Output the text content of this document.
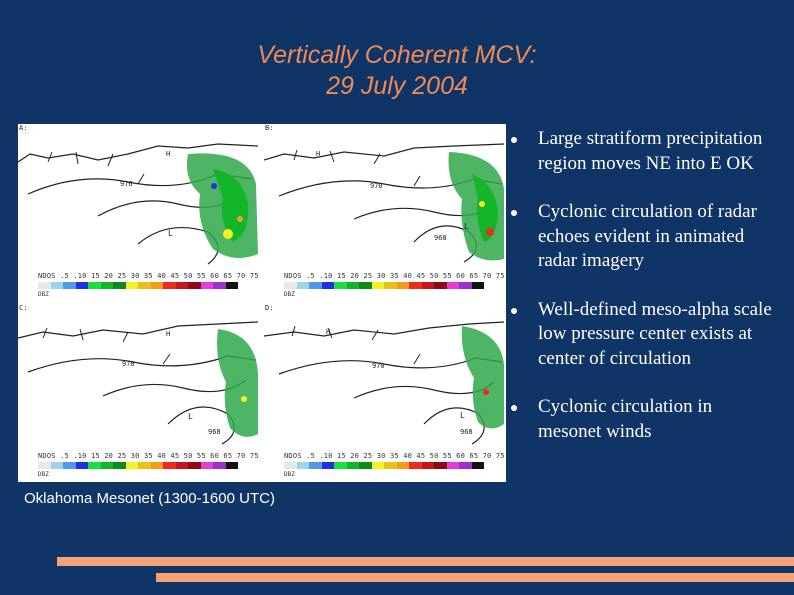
Vertically Coherent MCV:
29 July 2004
A:
976
H
L
NDOS .5 .10 15 20 25 30 35 40 45 50 55 60 65 70 75
DBZ
B:
970
968
H
L
NDOS .5 .10 15 20 25 30 35 40 45 50 55 60 65 70 75
DBZ
C:
970
968
H
L
NDOS .5 .10 15 20 25 30 35 40 45 50 55 60 65 70 75
DBZ
D:
970
968
H
L
NDOS .5 .10 15 20 25 30 35 40 45 50 55 60 65 70 75
DBZ
Oklahoma Mesonet (1300-1600 UTC)
Large stratiform precipitation region moves NE into E OK
Cyclonic circulation of radar echoes evident in animated radar imagery
Well-defined meso-alpha scale low pressure center exists at center of circulation
Cyclonic circulation in mesonet winds
